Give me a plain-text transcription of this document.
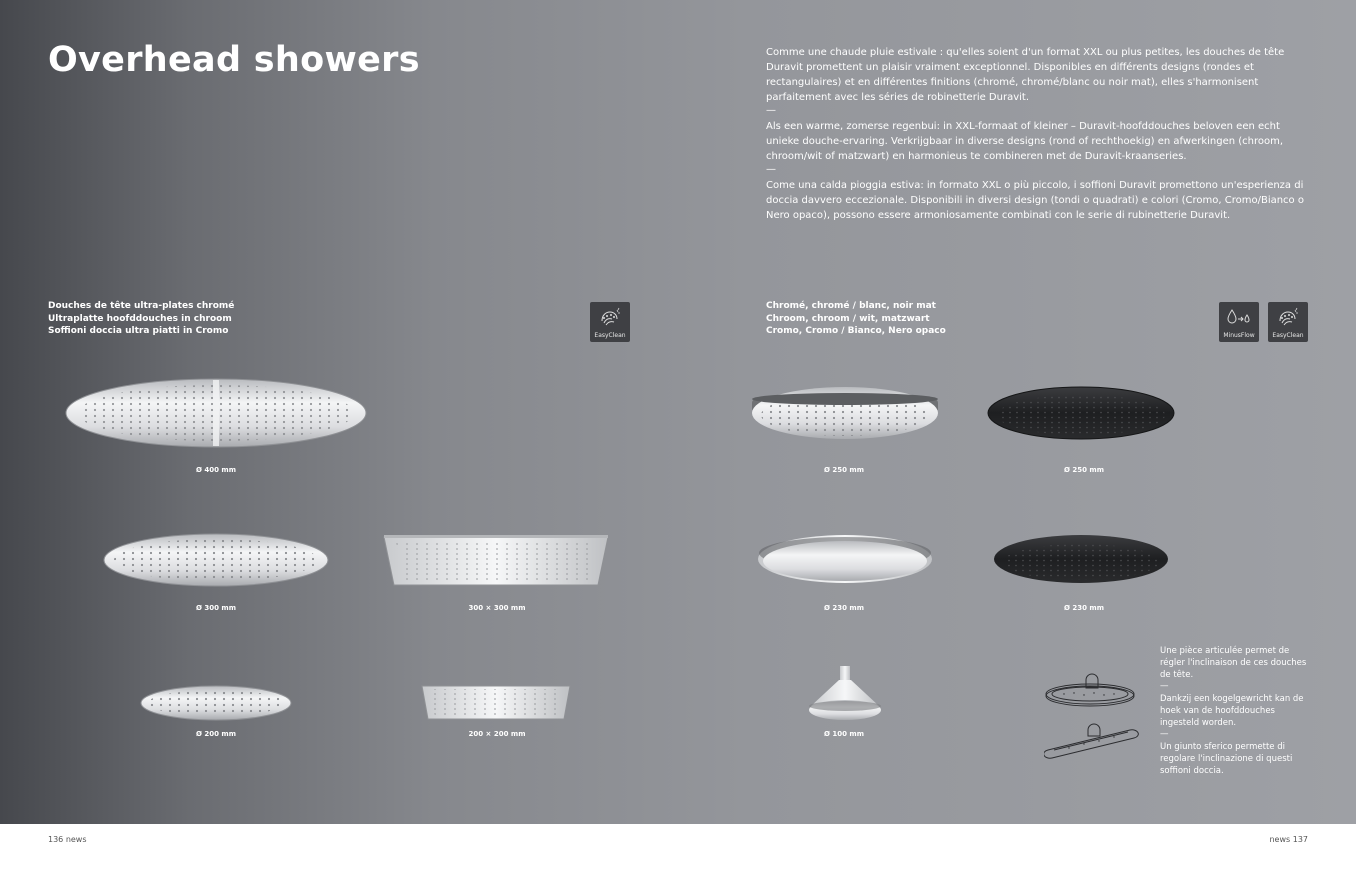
Overhead showers	Comme une chaude pluie estivale : qu'elles soient d'un format XXL ou plus petites, les douches de tête Duravit promettent un plaisir vraiment exceptionnel. Disponibles en différents designs (rondes et rectangulaires) et en différentes finitions (chromé, chromé/blanc ou noir mat), elles s'harmonisent parfaitement avec les séries de robinetterie Duravit.

—

Als een warme, zomerse regenbui: in XXL-formaat of kleiner – Duravit-hoofddouches beloven een echt unieke douche-ervaring. Verkrijgbaar in diverse designs (rond of rechthoekig) en afwerkingen (chroom, chroom/wit of matzwart) en harmonieus te combineren met de Duravit-kraanseries.

—

Come una calda pioggia estiva: in formato XXL o più piccolo, i soffioni Duravit promettono un'esperienza di doccia davvero eccezionale. Disponibili in diversi design (tondi o quadrati) e colori (Cromo, Cromo/Bianco o Nero opaco), possono essere armoniosamente combinati con le serie di rubinetterie Duravit.

Douches de tête ultra-plates chromé
Ultraplatte hoofddouches in chroom
Soffioni doccia ultra piatti in Cromo	EasyClean
Chromé, chromé / blanc, noir mat
Chroom, chroom / wit, matzwart
Cromo, Cromo / Bianco, Nero opaco	MinusFlow	EasyClean
Ø 400 mm
Ø 300 mm	300 × 300 mm
Ø 200 mm	200 × 200 mm
Ø 250 mm	Ø 250 mm
Ø 230 mm	Ø 230 mm
Ø 100 mm

Une pièce articulée permet de régler l'inclinaison de ces douches de tête.

—

Dankzij een kogelgewricht kan de hoek van de hoofddouches ingesteld worden.

—

Un giunto sferico permette di regolare l'inclinazione di questi soffioni doccia.

136 news	news 137
